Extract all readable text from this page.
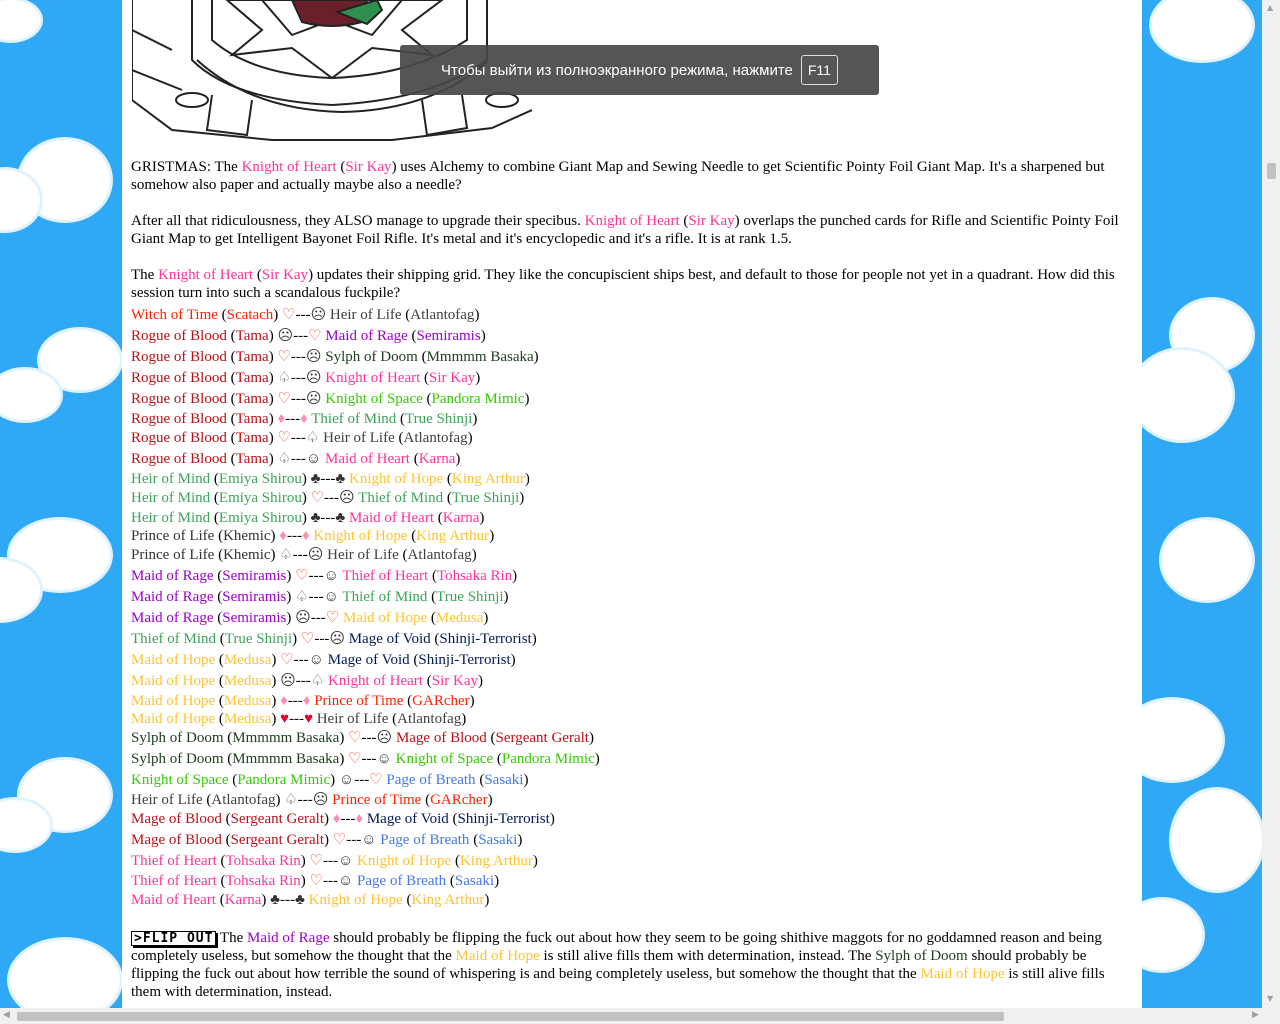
GRISTMAS: The Knight of Heart (Sir Kay) uses Alchemy to combine Giant Map and Sewing Needle to get Scientific Pointy Foil Giant Map. It's a sharpened but somehow also paper and actually maybe also a needle?
After all that ridiculousness, they ALSO manage to upgrade their specibus. Knight of Heart (Sir Kay) overlaps the punched cards for Rifle and Scientific Pointy Foil Giant Map to get Intelligent Bayonet Foil Rifle. It's metal and it's encyclopedic and it's a rifle. It is at rank 1.5.
The Knight of Heart (Sir Kay) updates their shipping grid. They like the concupiscient ships best, and default to those for people not yet in a quadrant. How did this session turn into such a scandalous fuckpile?
Witch of Time (Scatach) ♡---☹ Heir of Life (Atlantofag)
Rogue of Blood (Tama) ☹---♡ Maid of Rage (Semiramis)
Rogue of Blood (Tama) ♡---☹ Sylph of Doom (Mmmmm Basaka)
Rogue of Blood (Tama) ♤---☹ Knight of Heart (Sir Kay)
Rogue of Blood (Tama) ♡---☹ Knight of Space (Pandora Mimic)
Rogue of Blood (Tama) ♦---♦ Thief of Mind (True Shinji)
Rogue of Blood (Tama) ♡---♤ Heir of Life (Atlantofag)
Rogue of Blood (Tama) ♤---☺ Maid of Heart (Karna)
Heir of Mind (Emiya Shirou) ♣---♣ Knight of Hope (King Arthur)
Heir of Mind (Emiya Shirou) ♡---☹ Thief of Mind (True Shinji)
Heir of Mind (Emiya Shirou) ♣---♣ Maid of Heart (Karna)
Prince of Life (Khemic) ♦---♦ Knight of Hope (King Arthur)
Prince of Life (Khemic) ♤---☹ Heir of Life (Atlantofag)
Maid of Rage (Semiramis) ♡---☺ Thief of Heart (Tohsaka Rin)
Maid of Rage (Semiramis) ♤---☺ Thief of Mind (True Shinji)
Maid of Rage (Semiramis) ☹---♡ Maid of Hope (Medusa)
Thief of Mind (True Shinji) ♡---☹ Mage of Void (Shinji-Terrorist)
Maid of Hope (Medusa) ♡---☺ Mage of Void (Shinji-Terrorist)
Maid of Hope (Medusa) ☹---♤ Knight of Heart (Sir Kay)
Maid of Hope (Medusa) ♦---♦ Prince of Time (GARcher)
Maid of Hope (Medusa) ♥---♥ Heir of Life (Atlantofag)
Sylph of Doom (Mmmmm Basaka) ♡---☹ Mage of Blood (Sergeant Geralt)
Sylph of Doom (Mmmmm Basaka) ♡---☺ Knight of Space (Pandora Mimic)
Knight of Space (Pandora Mimic) ☺---♡ Page of Breath (Sasaki)
Heir of Life (Atlantofag) ♤---☹ Prince of Time (GARcher)
Mage of Blood (Sergeant Geralt) ♦---♦ Mage of Void (Shinji-Terrorist)
Mage of Blood (Sergeant Geralt) ♡---☺ Page of Breath (Sasaki)
Thief of Heart (Tohsaka Rin) ♡---☺ Knight of Hope (King Arthur)
Thief of Heart (Tohsaka Rin) ♡---☺ Page of Breath (Sasaki)
Maid of Heart (Karna) ♣---♣ Knight of Hope (King Arthur)
>FLIP OUT The Maid of Rage should probably be flipping the fuck out about how they seem to be going shithive maggots for no goddamned reason and being completely useless, but somehow the thought that the Maid of Hope is still alive fills them with determination, instead. The Sylph of Doom should probably be flipping the fuck out about how terrible the sound of whispering is and being completely useless, but somehow the thought that the Maid of Hope is still alive fills them with determination, instead.
Чтобы выйти из полноэкранного режима, нажмите	F11
▲
▼
◀	▶
